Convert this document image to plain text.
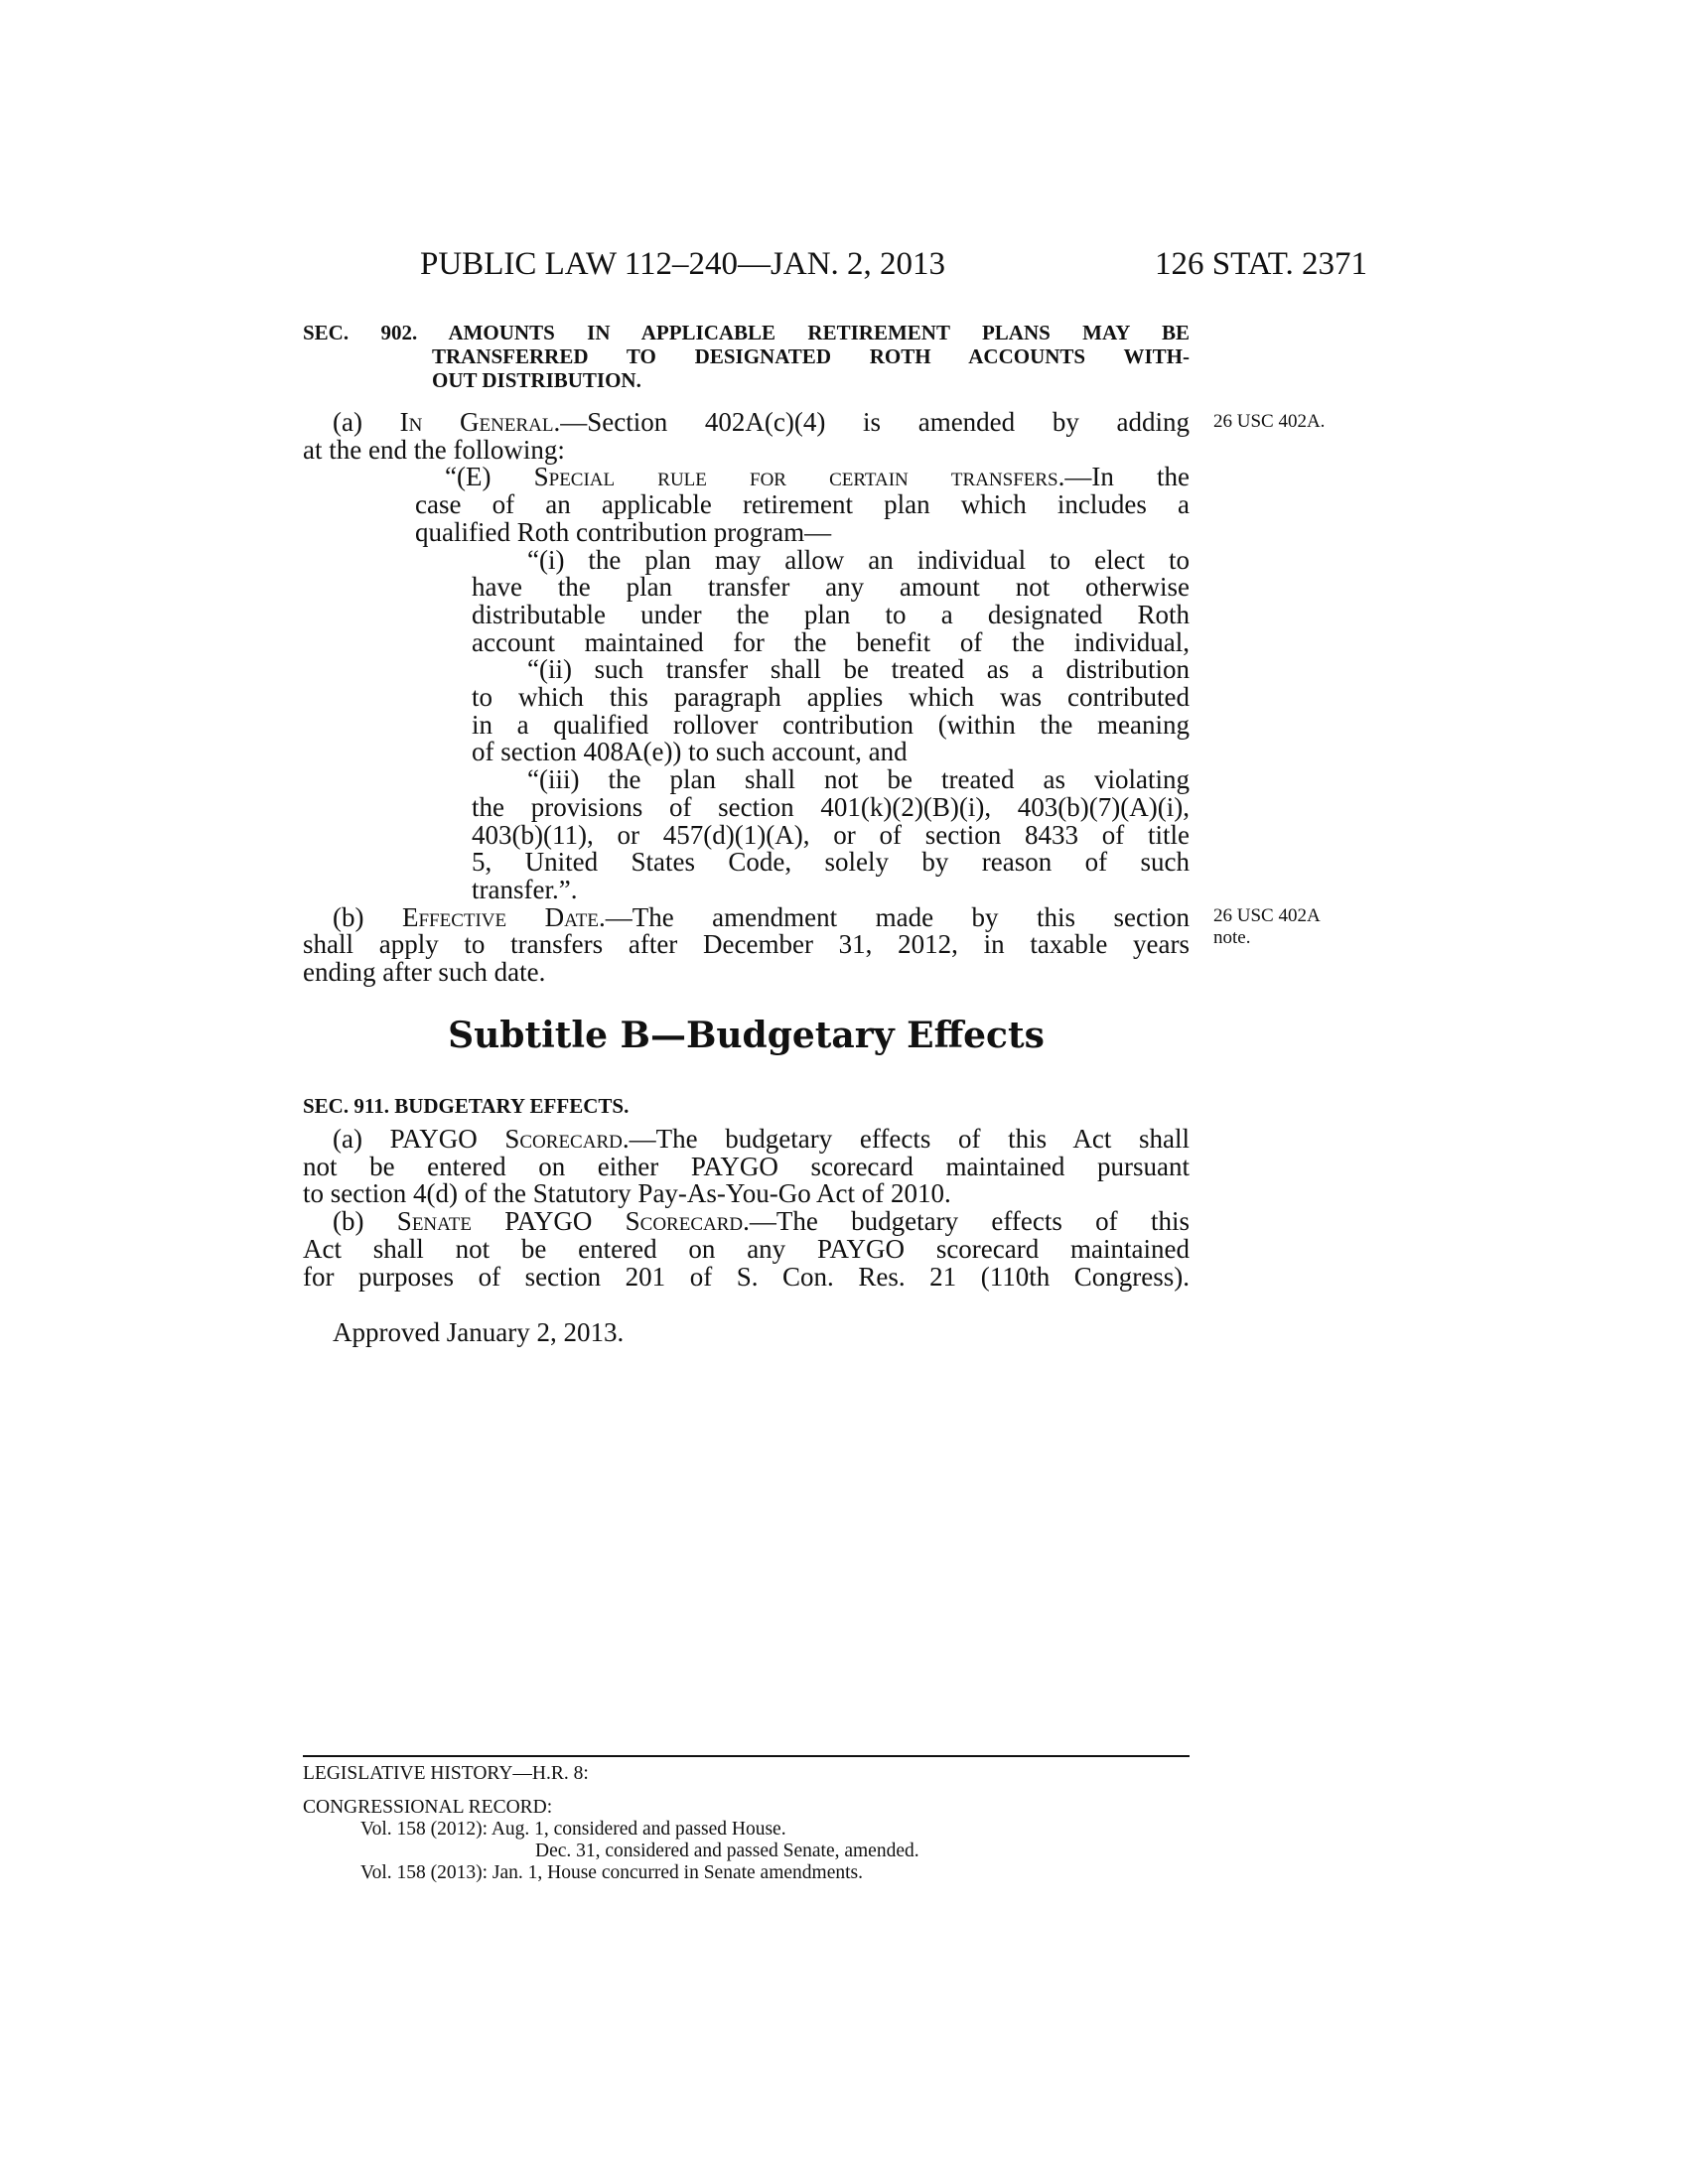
PUBLIC LAW 112–240—JAN. 2, 2013	126 STAT. 2371
SEC. 902. AMOUNTS IN APPLICABLE RETIREMENT PLANS MAY BE
TRANSFERRED TO DESIGNATED ROTH ACCOUNTS WITH-
OUT DISTRIBUTION.
(a) In General.—Section 402A(c)(4) is amended by adding
at the end the following:
“(E) Special rule for certain transfers.—In the
case of an applicable retirement plan which includes a
qualified Roth contribution program—
“(i) the plan may allow an individual to elect to
have the plan transfer any amount not otherwise
distributable under the plan to a designated Roth
account maintained for the benefit of the individual,
“(ii) such transfer shall be treated as a distribution
to which this paragraph applies which was contributed
in a qualified rollover contribution (within the meaning
of section 408A(e)) to such account, and
“(iii) the plan shall not be treated as violating
the provisions of section 401(k)(2)(B)(i), 403(b)(7)(A)(i),
403(b)(11), or 457(d)(1)(A), or of section 8433 of title
5, United States Code, solely by reason of such
transfer.”.
(b) Effective Date.—The amendment made by this section
shall apply to transfers after December 31, 2012, in taxable years
ending after such date.
26 USC 402A.
26 USC 402A
note.
Subtitle B—Budgetary Effects
SEC. 911. BUDGETARY EFFECTS.
(a) PAYGO Scorecard.—The budgetary effects of this Act shall
not be entered on either PAYGO scorecard maintained pursuant
to section 4(d) of the Statutory Pay-As-You-Go Act of 2010.
(b) Senate PAYGO Scorecard.—The budgetary effects of this
Act shall not be entered on any PAYGO scorecard maintained
for purposes of section 201 of S. Con. Res. 21 (110th Congress).
Approved January 2, 2013.
LEGISLATIVE HISTORY—H.R. 8:
CONGRESSIONAL RECORD:
Vol. 158 (2012): Aug. 1, considered and passed House.
Dec. 31, considered and passed Senate, amended.
Vol. 158 (2013): Jan. 1, House concurred in Senate amendments.
